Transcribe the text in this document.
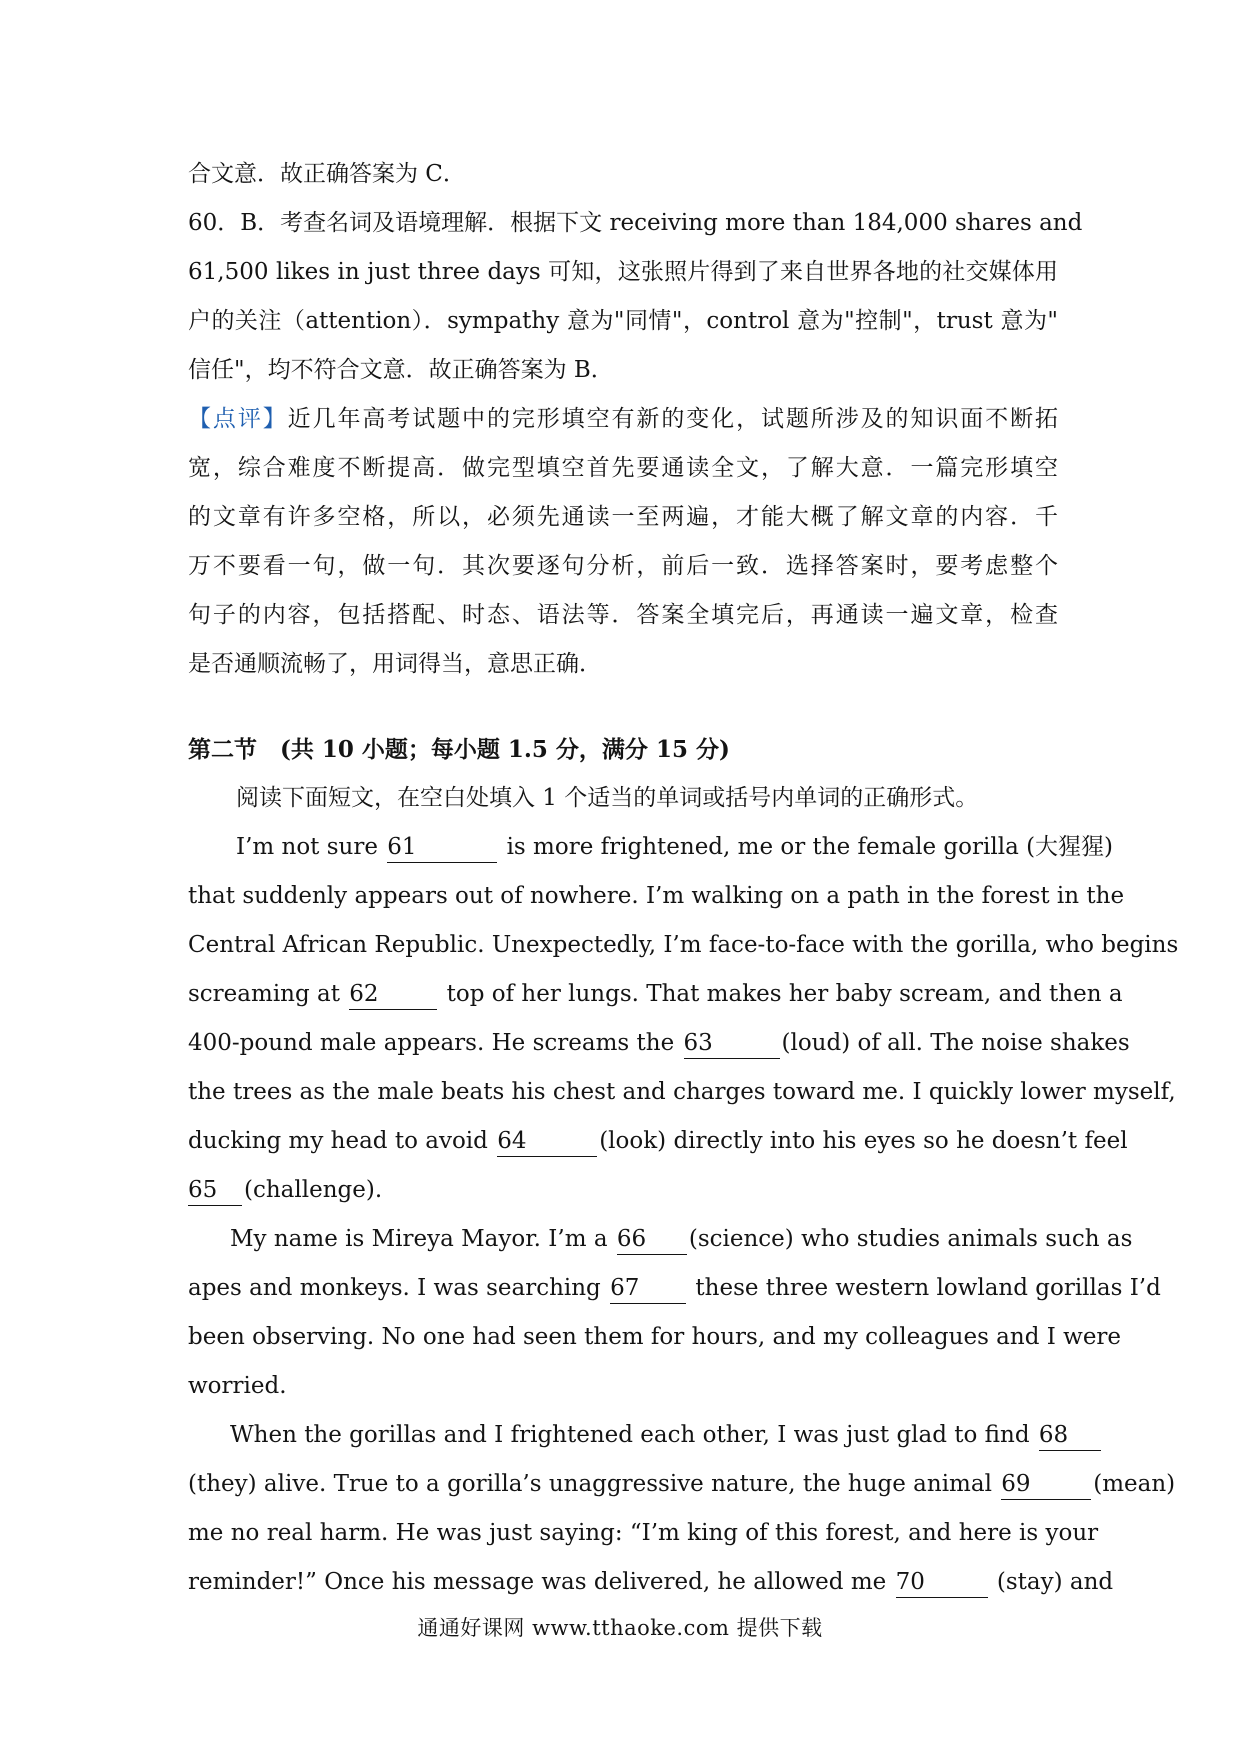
合文意．故正确答案为 C．
60．B．考查名词及语境理解．根据下文 receiving more than 184,000 shares and
61,500 likes in just three days 可知，这张照片得到了来自世界各地的社交媒体用
户的关注（attention）．sympathy 意为"同情"，control 意为"控制"，trust 意为"
信任"，均不符合文意．故正确答案为 B．
【点评】近几年高考试题中的完形填空有新的变化，试题所涉及的知识面不断拓
宽，综合难度不断提高．做完型填空首先要通读全文，了解大意．一篇完形填空
的文章有许多空格，所以，必须先通读一至两遍，才能大概了解文章的内容．千
万不要看一句，做一句．其次要逐句分析，前后一致．选择答案时，要考虑整个
句子的内容，包括搭配、时态、语法等．答案全填完后，再通读一遍文章，检查
是否通顺流畅了，用词得当，意思正确．
第二节　(共 10 小题；每小题 1.5 分，满分 15 分)
阅读下面短文，在空白处填入 1 个适当的单词或括号内单词的正确形式。
I’m not sure 61	is more frightened, me or the female gorilla (大猩猩)
that suddenly appears out of nowhere. I’m walking on a path in the forest in the
Central African Republic. Unexpectedly, I’m face-to-face with the gorilla, who begins
screaming at 62	top of her lungs. That makes her baby scream, and then a
400-pound male appears. He screams the 63	(loud) of all. The noise shakes
the trees as the male beats his chest and charges toward me. I quickly lower myself,
ducking my head to avoid 64	(look) directly into his eyes so he doesn’t feel
65 (challenge).
My name is Mireya Mayor. I’m a 66 (science) who studies animals such as
apes and monkeys. I was searching 67 these three western lowland gorillas I’d
been observing. No one had seen them for hours, and my colleagues and I were
worried.
When the gorillas and I frightened each other, I was just glad to find 68
(they) alive. True to a gorilla’s unaggressive nature, the huge animal 69	(mean)
me no real harm. He was just saying: “I’m king of this forest, and here is your
reminder!” Once his message was delivered, he allowed me 70	(stay) and
通通好课网 www.tthaoke.com 提供下载
